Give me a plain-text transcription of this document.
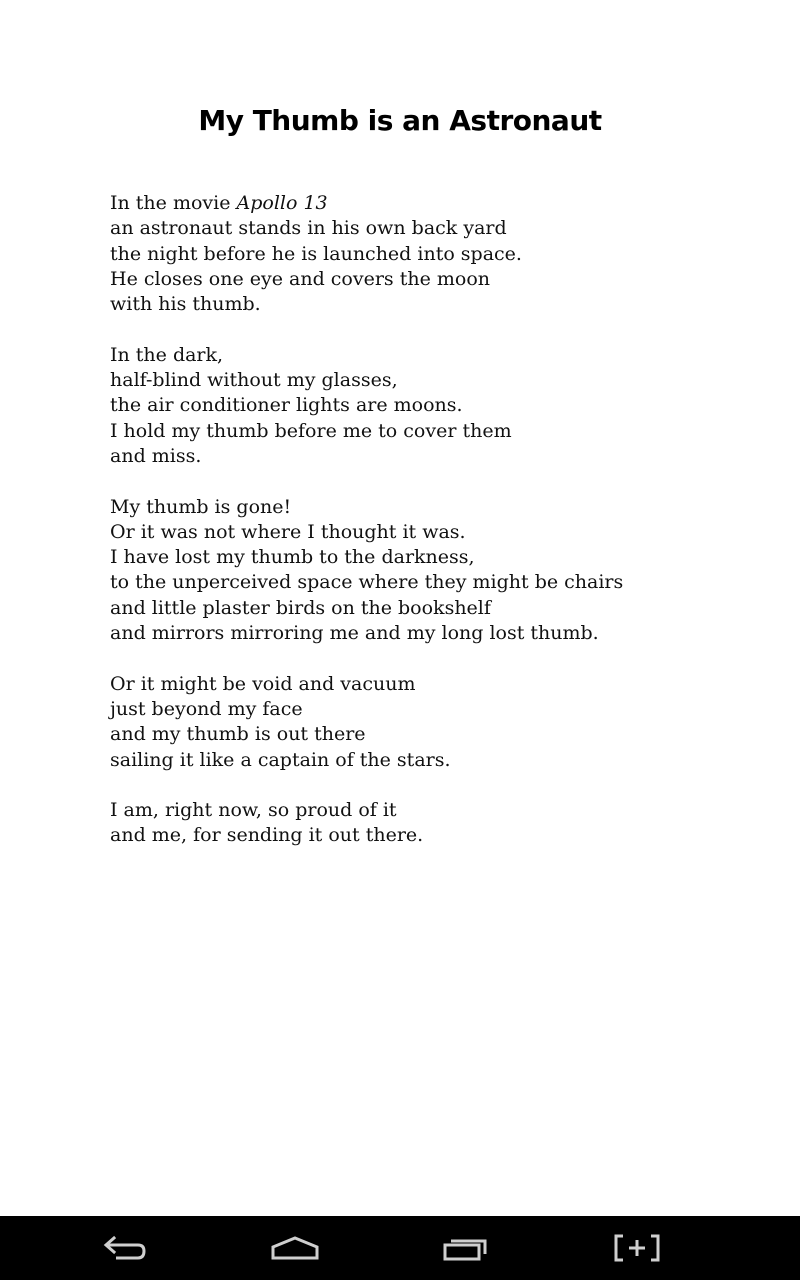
My Thumb is an Astronaut
In the movie Apollo 13
an astronaut stands in his own back yard
the night before he is launched into space.
He closes one eye and covers the moon
with his thumb.
In the dark,
half-blind without my glasses,
the air conditioner lights are moons.
I hold my thumb before me to cover them
and miss.
My thumb is gone!
Or it was not where I thought it was.
I have lost my thumb to the darkness,
to the unperceived space where they might be chairs
and little plaster birds on the bookshelf
and mirrors mirroring me and my long lost thumb.
Or it might be void and vacuum
just beyond my face
and my thumb is out there
sailing it like a captain of the stars.
I am, right now, so proud of it
and me, for sending it out there.
